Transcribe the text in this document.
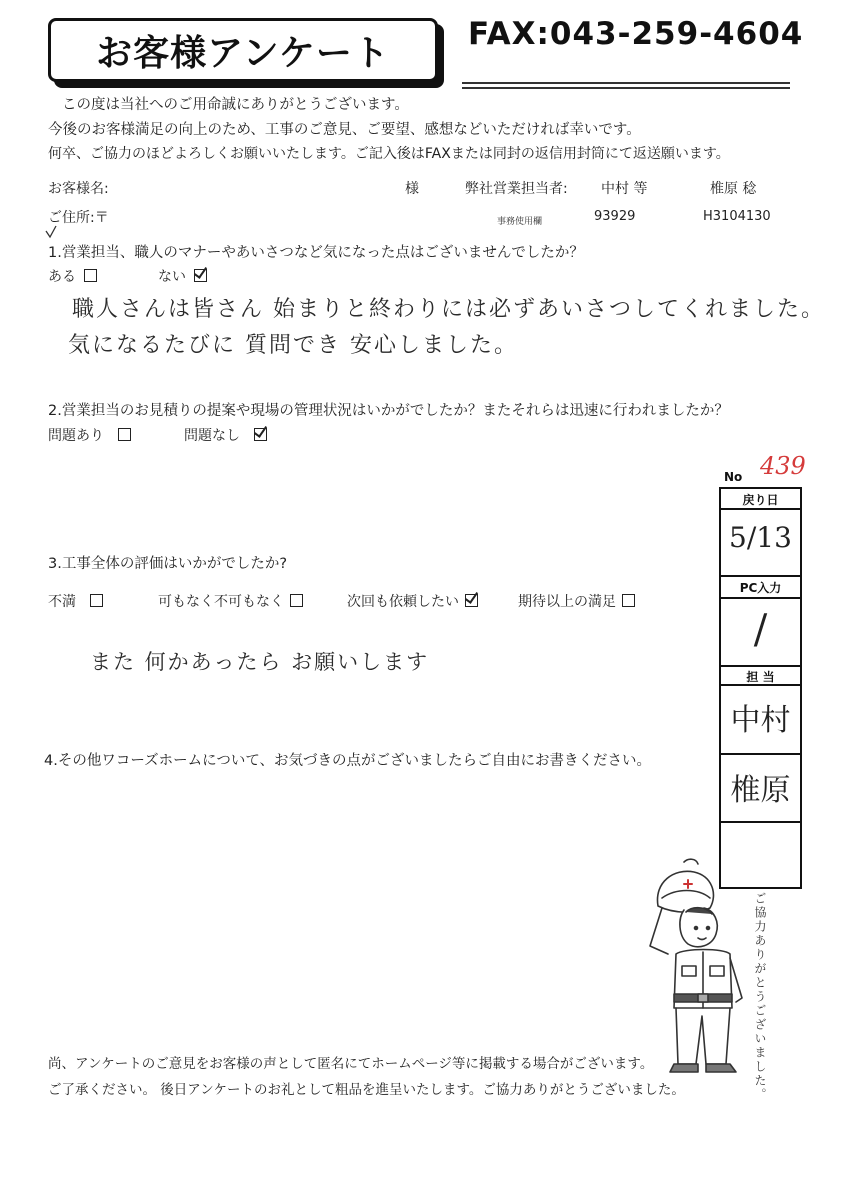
お客様アンケート	FAX:043-259-4604
この度は当社へのご用命誠にありがとうございます。
今後のお客様満足の向上のため、工事のご意見、ご要望、感想などいただければ幸いです。
何卒、ご協力のほどよろしくお願いいたします。ご記入後はFAXまたは同封の返信用封筒にて返送願います。
お客様名:	様	弊社営業担当者: 中村 等	椎原 稔
ご住所:〒	事務使用欄	93929	H3104130
1.営業担当、職人のマナーやあいさつなど気になった点はございませんでしたか？
ある	ない
職人さんは皆さん 始まりと終わりには必ずあいさつしてくれました。
気になるたびに 質問でき 安心しました。
2.営業担当のお見積りの提案や現場の管理状況はいかがでしたか？またそれらは迅速に行われましたか？
問題あり	問題なし
3.工事全体の評価はいかがでしたか?
不満	可もなく不可もなく	次回も依頼したい	期待以上の満足
また 何かあったら お願いします
4.その他ワコーズホームについて、お気づきの点がございましたらご自由にお書きください。
439
No
戻り日
5/13
PC入力
/
担 当
中村
椎原
ご協力ありがとうございました。
尚、アンケートのご意見をお客様の声として匿名にてホームページ等に掲載する場合がございます。
ご了承ください。 後日アンケートのお礼として粗品を進呈いたします。ご協力ありがとうございました。
